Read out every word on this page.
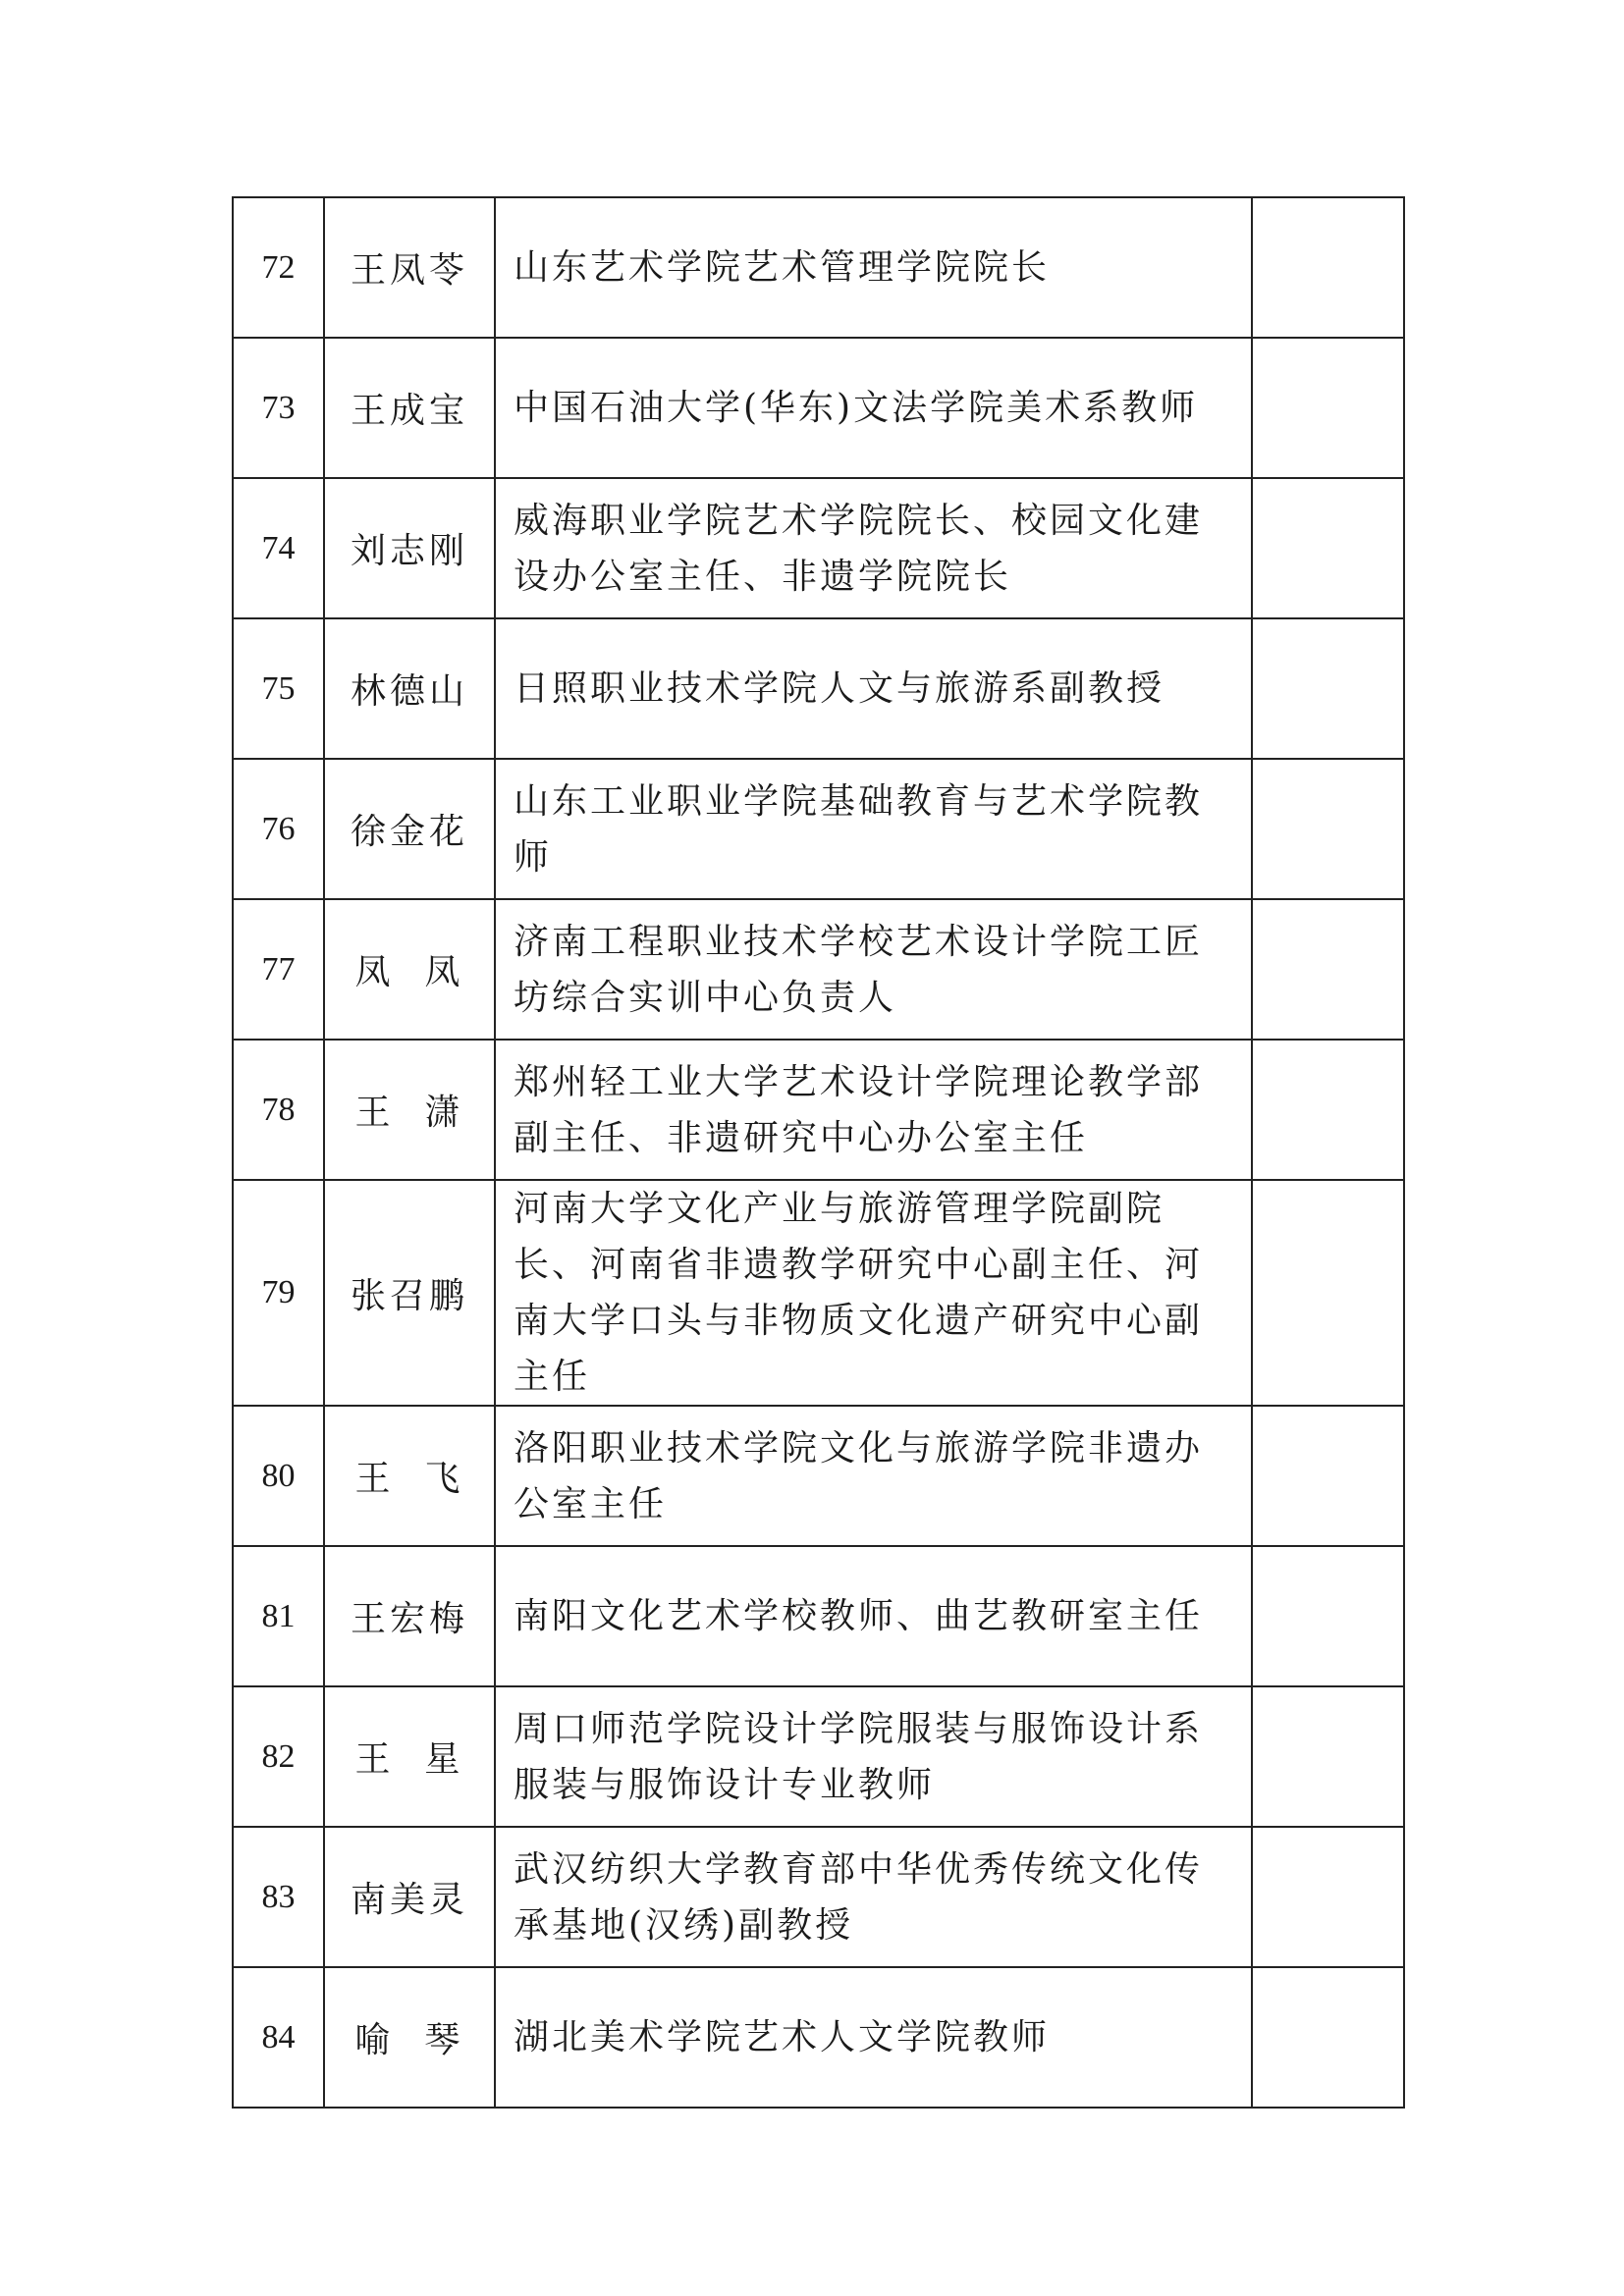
72	王凤苓	山东艺术学院艺术管理学院院长	
73	王成宝	中国石油大学(华东)文法学院美术系教师	
74	刘志刚	威海职业学院艺术学院院长、校园文化建设办公室主任、非遗学院院长	
75	林德山	日照职业技术学院人文与旅游系副教授	
76	徐金花	山东工业职业学院基础教育与艺术学院教师	
77	凤  凤	济南工程职业技术学校艺术设计学院工匠坊综合实训中心负责人	
78	王  潇	郑州轻工业大学艺术设计学院理论教学部副主任、非遗研究中心办公室主任	
79	张召鹏	河南大学文化产业与旅游管理学院副院长、河南省非遗教学研究中心副主任、河南大学口头与非物质文化遗产研究中心副主任	
80	王  飞	洛阳职业技术学院文化与旅游学院非遗办公室主任	
81	王宏梅	南阳文化艺术学校教师、曲艺教研室主任	
82	王  星	周口师范学院设计学院服装与服饰设计系服装与服饰设计专业教师	
83	南美灵	武汉纺织大学教育部中华优秀传统文化传承基地(汉绣)副教授	
84	喻  琴	湖北美术学院艺术人文学院教师	
